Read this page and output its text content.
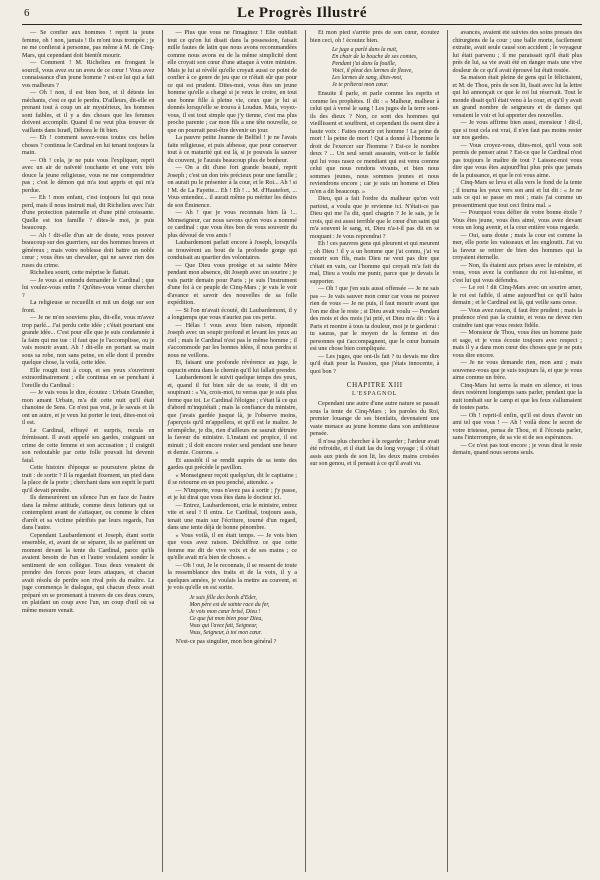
6	Le Progrès Illustré

— Se confier aux hommes ! reprit la jeune femme, oh ! non, jamais ! Ils m'ont tous trompée ; je ne me confierai à personne, pas même à M. de Cinq-Mars, qui cependant doit bientôt mourir.

— Comment ! M. Richelieu en frongant le sourcil, vous avez eu un aveu de ce cœur ! Vous avez connaissance d'un jeune homme ? est-ce lui qui a fait vos malheurs ?

— Oh ! non, il est bien bon, et il déteste les méchants, c'est ce qui le perdra. D'ailleurs, dit-elle en prenant tout à coup un air mystérieux, les hommes sont faibles, et il y a des choses que les femmes doivent accomplir. Quand il ne veut plus trouver de vaillants dans Israël, Débora le fit bien.

— Eh ! comment savez-vous toutes ces belles choses ? continua le Cardinal en lui tenant toujours la main.

— Oh ! cela, je ne puis vous l'expliquer, reprit avec un air de naïveté touchante et une voix très douce la jeune religieuse, vous ne me comprendriez pas ; c'est le démon qui m'a tout appris et qui m'a perdue.

— Eh ! mon enfant, c'est toujours lui qui nous perd, mais il nous instruit mal, dit Richelieu avec l'air d'une protection paternelle et d'une pitié croissante. Quelle est ton famille ? dites-le moi, je puis beaucoup.

— Ah ! dit-elle d'un air de doute, vous pouvez beaucoup sur des guerriers, sur des hommes braves et généreux ; mais votre noblesse doit battre un noble cœur ; vous êtes un chevalier, qui ne savez rien des ruses du crime.

Richelieu sourit, cette méprise le flattait.

— Je vous ai entendu demander le Cardinal ; que lui voulez-vous enfin ? Qu'êtes-vous venue chercher ?

La religieuse se recueillit et mit un doigt sur son front.

— Je ne m'en souviens plus, dit-elle, vous m'avez trop parlé... J'ai perdu cette idée ; c'était pourtant une grande idée... C'est pour elle que je suis condamnée à la faim qui me tue : il faut que je l'accomplisse, ou je vais mourir avant. Ah ! dit-elle en portant sa main sous sa robe, non sans peine, en elle dont il prendre quelque chose, la voilà, cette idée.

Elle rougit tout à coup, et ses yeux s'ouvrirent extraordinairement ; elle continua en se penchant à l'oreille du Cardinal :

— Je vais vous le dire, écoutez : Urbain Grandier, mon amant Urbain, m'a dit cette nuit qu'il était chanoine de Sens. Ce n'est pas vrai, je le savais et ils ont un autre, et je veux lui porter le tout, dites-moi où il est.

Le Cardinal, effrayé et surpris, recula en frémissant. Il avait appelé ses gardes, craignant un crime de cette femme et son accusation ; il craignit son redoutable par cette folle pouvait lui devenir fatal.

Cette histoire d'époque se poursuivre pleine de trait : de sortir ? Il la regardait fixement, un pied dans la place de la porte ; cherchant dans son esprit le parti qu'il devait prendre.

Ils demeurèrent un silence l'un en face de l'autre dans la même attitude, comme deux lutteurs qui se contemplent avant de s'attaquer, ou comme le chien d'arrêt et sa victime pétrifiés par leurs regards, l'un dans l'autre.

Cependant Laubardemont et Joseph, étant sortis ensemble, et, avant de se séparer, ils se parlèrent un moment devant la tente du Cardinal, parce qu'ils avaient besoin de l'un et l'autre voulaient sonder le sentiment de son collègue. Tous deux venaient de prendre des forces pour leurs attaques, et chacun avait résolu de perdre son rival près du maître. Le juge commença le dialogue, qui chacun d'eux avait préparé en se promenant à travers de ces deux cœurs, en plaidant un coup avec l'un, un coup d'œil où sa même mesure venait.

— Plus que vous ne l'imaginez ! Elle oubliait tout ce qu'on lui disait dans la possession, faisait mille fautes de latin que nous avons recommandées comme nous avons eu de la même simplicité dont elle croyait son cœur d'une attaque à votre ministre. Mais je lui ai révélé qu'elle croyait aussi ce point de confier à ce genre de jeu que ce n'était sûr que pour ce qui est prudent. Dites-moi, vous êtes un jeune homme qu'elle a chargé si je veux le croire, en tout une bonne fille à pleine vie, ceux que je lui ai donnés lorsqu'elle se trouva à Loudun. Mais, voyez-vous, il est tout simple que j'y tienne, c'est ma plus proche parente ; car mon fils a une tête nouvelle, ce que on pourrait peut-être devenir un jour.

La pauvre petite Jeanne de Belfiel ! je ne l'avais faite religieuse, et puis abbesse, que pour conserver tout à ce maturité qui est là, si je pouvais la sauver du couvent, je l'aurais beaucoup plus de bonheur.

— On a dit d'une fort grande beauté, reprit Joseph ; c'est un don très précieux pour une famille ; on aurait pu le présenter à la cour, et le Roi... Ah ! si ! M. de La Fayette... Eh ! Eh ! ... M. d'Hautefort, ... Vous entendez... il aurait même pu mériter les désirs de son Éminence.

— Ah ! que je vous reconnais bien là !... Monseigneur, car nous savons qu'on vous a nommé ce cardinal : que vous êtes bon de vous souvenir du plus dévoué de vos amis !

Laubardemont parlait encore à Joseph, lorsqu'ils se trouvèrent au bout de la profonde gorge qui conduisait au quartier des volontaires.

— Que Dieu vous protège et sa sainte Mère pendant mon absence, dit Joseph avec un sourire ; je vais partir demain pour Paris ; je suis l'instrument d'une foi à ce peuple de Cinq-Mars ; je vais le voir d'avance et savoir des nouvelles de sa folle expédition.

— Si l'on m'avait écouté, dit Laubardemont, il y a longtemps que vous n'auriez pas ces perte.

— Hélas ! vous avez bien raison, répondit Joseph avec un soupir profond et levant les yeux au ciel ; mais le Cardinal n'est pas le même homme ; il s'accommode par les bonnes idées, il nous perdra si nous ne veillons.

Et, faisant une profonde révérence au juge, le capucin entra dans le chemin qu'il lui fallait prendre.

Laubardemont le suivit quelque temps des yeux, et, quand il fut bien sûr de sa route, il dit en soupirant : « Va, crois-moi, tu verras que je suis plus ferme que toi. Le Cardinal l'éloigne ; c'était là ce qui d'abord m'inquiétait ; mais la confiance du ministre, que j'avais gardée jusque là, je l'observe moins, j'aperçois qu'il m'appellera, et qu'il est le maître. Je m'empêche, je dis, rien d'ailleurs ne saurait détruire la faveur du ministre. L'instant est propice, il est minuit ; il doit encore rester seul pendant une heure et demie. Courons. »

Et aussitôt il se rendit auprès de sa tente des gardes qui précède le pavillon.

« Monseigneur reçoit quelqu'un, dit le capitaine ; il se retourne en un peu penché, attendez. »

— N'importe, vous n'avez pas à sortir ; j'y passe, et je lui dirai que vous êtes dans le docteur ici.

— Entrez, Laubardemont, cria le ministre, entrez vite et seul ! Il entra. Le Cardinal, toujours assis, tenait une main sur l'écriture, tourné d'un regard, dans une tente déjà de bonne pénombre.

« Vous voilà, il en était temps. — Je vois bien que vous avez raison. Déchiffrez ce que cette femme me dit de vive voix et de ses mains ; ce qu'elle avait m'a bien de choses. »

— Oh ! oui, Je le reconnais, il se ressent de toute la ressemblance des traits et de la voix, il y a quelques années, je voulais la mettre au couvent, et je vois qu'elle en est sortie.

Je suis fille des bords d'Eder,
Mon père est de sainte race du fer,
Je vois mon cœur brisé, Dieu !
Ce que fut mon bien pour Dieu,
Vous qui l'avez fait, Seigneur,
Vous, Seigneur, à toi mon cœur.

N'est-ce pas singulier, mon bon général ?

Et mon pied s'arrête près de son cœur, écoutez bien ceci, oh ! écoutez bien.

Le juge a parlé dans la nuit,
En chair de la bouche de ses comtes,
Pendant j'ai dans la fouille,
Voici, il pleut des larmes de fleuve,
Les larmes de sang, dites-moi,
Je te prêterai mon cœur.

Ensuite il parle, et parle comme les esprits et comme les prophètes. Il dit : « Malheur, malheur à celui qui à versé le sang ! Les juges de la terre sont-ils des dieux ? Non, ce sont des hommes qui vieillissent et souffrent, et cependant ils osent dire à haute voix : Faites mourir cet homme ! La peine de mort ! la peine de mort ! Qui a donné à l'homme le droit de l'exercer sur l'homme ? Est-ce le nombre deux ? ... Un seul serait assassin, voit-ce le faible qui lui vous rasez ce mendiant qui est venu comme celui que nous rendons vivants, et bien nous sommes jeunes, nous sommes jeunes et nous reviendrons encore ; car je suis un homme et Dieu m'en a dit beaucoup. »

Dieu, qui a fait l'ordre du malheur qu'on voit partout, a voulu que je revienne ici. N'était-ce pas Dieu qui me l'a dit, quel chagrin ? Je le sais, je le crois, qui est aussi terrible que le cœur d'un saint qui m'a souvent le sang, et, Dieu n'a-t-il pas dit en se moquant : Je vous reprendrai ?

Eh ! ces pauvres gens qui pleurent et qui meurent ; oh Dieu ! il y a un homme que j'ai connu, j'ai vu mourir son fils, mais Dieu ne veut pas dire que c'était en vain, car l'homme qui croyait m'a fait du mal, Dieu a voulu me punir, parce que je devais le supporter.

— Oh ! que j'en suis aussi offensée — Je ne sais pas — Je vais sauver mon cœur car vous ne pouvez rien de vous — Je ne puis, il faut mourir avant que l'on me dise le reste ; si Dieu avait voulu — Pendant des mois et des mois j'ai prié, et Dieu m'a dit : Va à Paris et montre à tous ta douleur, moi je te garderai : tu sauras, par le moyen de la femme et des personnes qui t'accompagnent, que le cœur humain est une chose bien compliquée.

— Les juges, que ont-ils fait ? tu devais me dire qu'il était pour la Passion, que j'étais innocente, à quoi bon ?

CHAPITRE XIII
L'ESPAGNOL

Cependant une autre d'une autre nature se passait sous la tente de Cinq-Mars ; les paroles du Roi, premier louange de ses bienfaits, devenaient une vaste menace au jeune homme dans son ambitieuse pensée.

Il n'osa plus chercher à le regarder ; l'ardeur avait été refroidie, et il était las du long voyage ; il s'était assis aux pieds de son lit, les deux mains croisées sur son genou, et il pensait à ce qu'il avait vu.

avancés, avaient été suivies des soins pressés des chirurgiens de la cour ; une balle morte, facilement extraite, avait seule causé son accident ; le voyageur lui était parvenu ; il me paraissait qu'il était plus près de lui, sa vie avait été en danger mais une vive douleur de ce qu'il avait éprouvé lui était restée.

Sa maison était pleine de gens qui le félicitaient, et M. de Thou, près de son lit, lisait avec lui la lettre qui lui annonçait ce que le roi lui réservait. Tout le monde disait qu'il était venu à la cour, et qu'il y avait un grand nombre de seigneurs et de dames qui venaient le voir et lui apporter des nouvelles.

— Je vous affirme bien aussi, monsieur ! dit-il, que si tout cela est vrai, il n'en faut pas moins rester sur nos gardes.

— Vous croyez-vous, dites-moi, qu'il vous soit permis de penser ainsi ? Est-ce que le Cardinal n'est pas toujours le maître de tout ? Laissez-moi vous dire que vous êtes aujourd'hui plus près que jamais de la puissance, et que le roi vous aime.

Cinq-Mars se leva et alla vers le fond de la tente ; il tourna les yeux vers son ami et lui dit : « Je ne sais ce qui se passe en moi ; mais j'ai comme un pressentiment que tout ceci finira mal. »

— Pourquoi vous défier de votre bonne étoile ? Vous êtes jeune, vous êtes aimé, vous avez devant vous un long avenir, et la cour entière vous regarde.

— Oui, sans doute ; mais la cour est comme la mer, elle porte les vaisseaux et les engloutit. J'ai vu la faveur se retirer de bien des hommes qui la croyaient éternelle.

— Non, ils étaient aux prises avec le ministre, et vous, vous avez la confiance du roi lui-même, et c'est lui qui vous défendra.

— Le roi ! dit Cinq-Mars avec un sourire amer, le roi est faible, il aime aujourd'hui ce qu'il haïra demain ; et le Cardinal est là, qui veille sans cesse.

— Vous avez raison, il faut être prudent ; mais la prudence n'est pas la crainte, et vous ne devez rien craindre tant que vous restez fidèle.

— Monsieur de Thou, vous êtes un homme juste et sage, et je vous écoute toujours avec respect ; mais il y a dans mon cœur des choses que je ne puis vous dire encore.

— Je ne vous demande rien, mon ami ; mais souvenez-vous que je suis toujours là, et que je vous aime comme un frère.

Cinq-Mars lui serra la main en silence, et tous deux restèrent longtemps sans parler, pendant que la nuit tombait sur le camp et que les feux s'allumaient de toutes parts.

— Oh ! reprit-il enfin, qu'il est doux d'avoir un ami tel que vous ! — Ah ! voilà donc le secret de votre tristesse, pensa de Thou, et il l'écouta parler, sans l'interrompre, de sa vie et de ses espérances.

— Ce n'est pas tout encore ; je vous dirai le reste demain, quand nous serons seuls.
